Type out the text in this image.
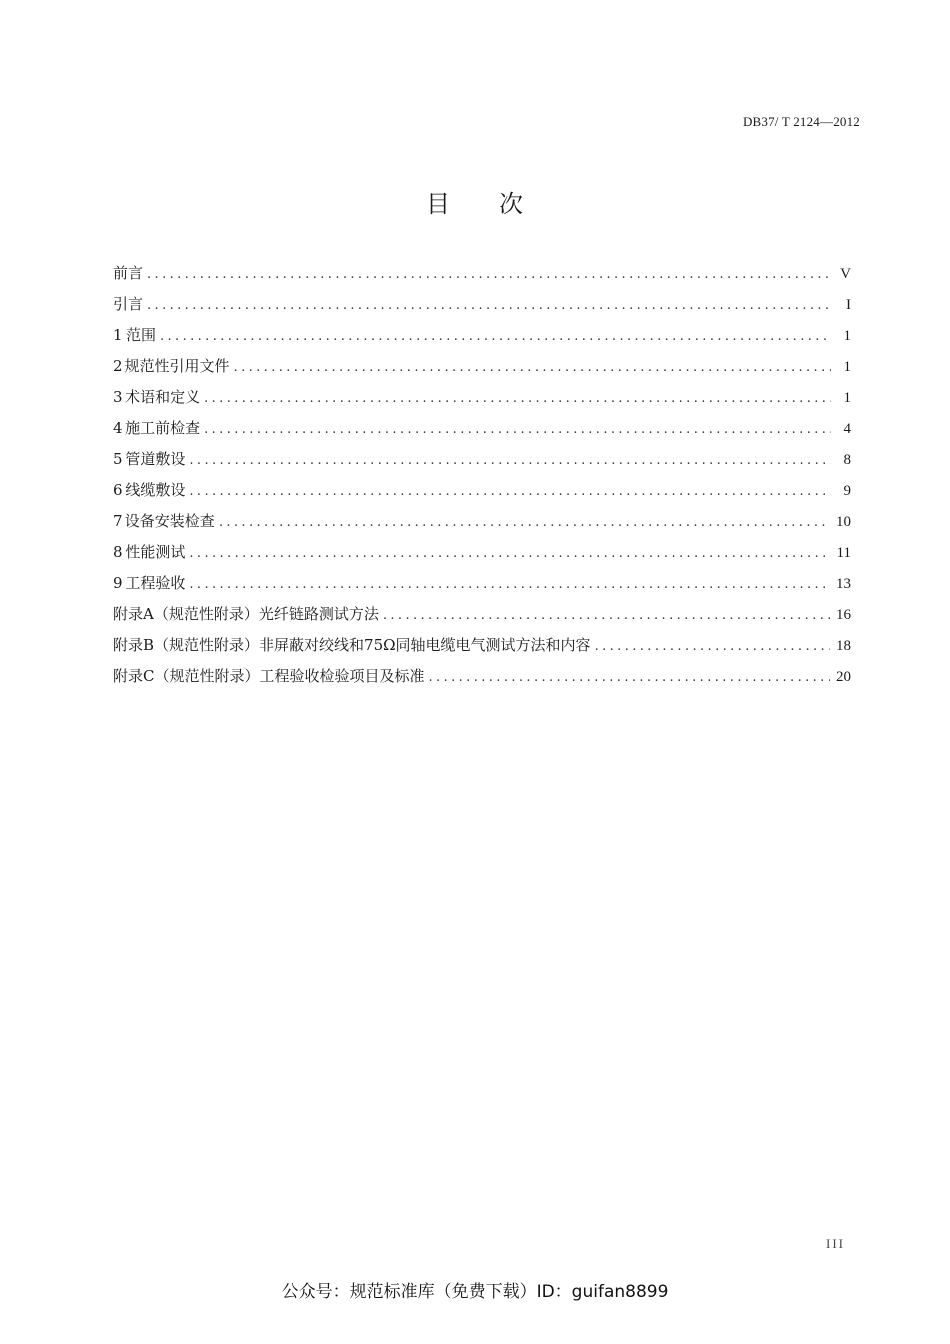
DB37/ T 2124—2012
目 次
前言 .....	V
引言 .....	I
1 范围 .....	1
2 规范性引用文件 .....	1
3 术语和定义 .....	1
4 施工前检查 .....	4
5 管道敷设 .....	8
6 线缆敷设 .....	9
7 设备安装检查 .....	10
8 性能测试 .....	11
9 工程验收 .....	13
附录A（规范性附录） 光纤链路测试方法 .....	16
附录B（规范性附录） 非屏蔽对绞线和75Ω同轴电缆电气测试方法和内容 .....	18
附录C（规范性附录） 工程验收检验项目及标准 .....	20
III
公众号：规范标准库（免费下载）ID：guifan8899
